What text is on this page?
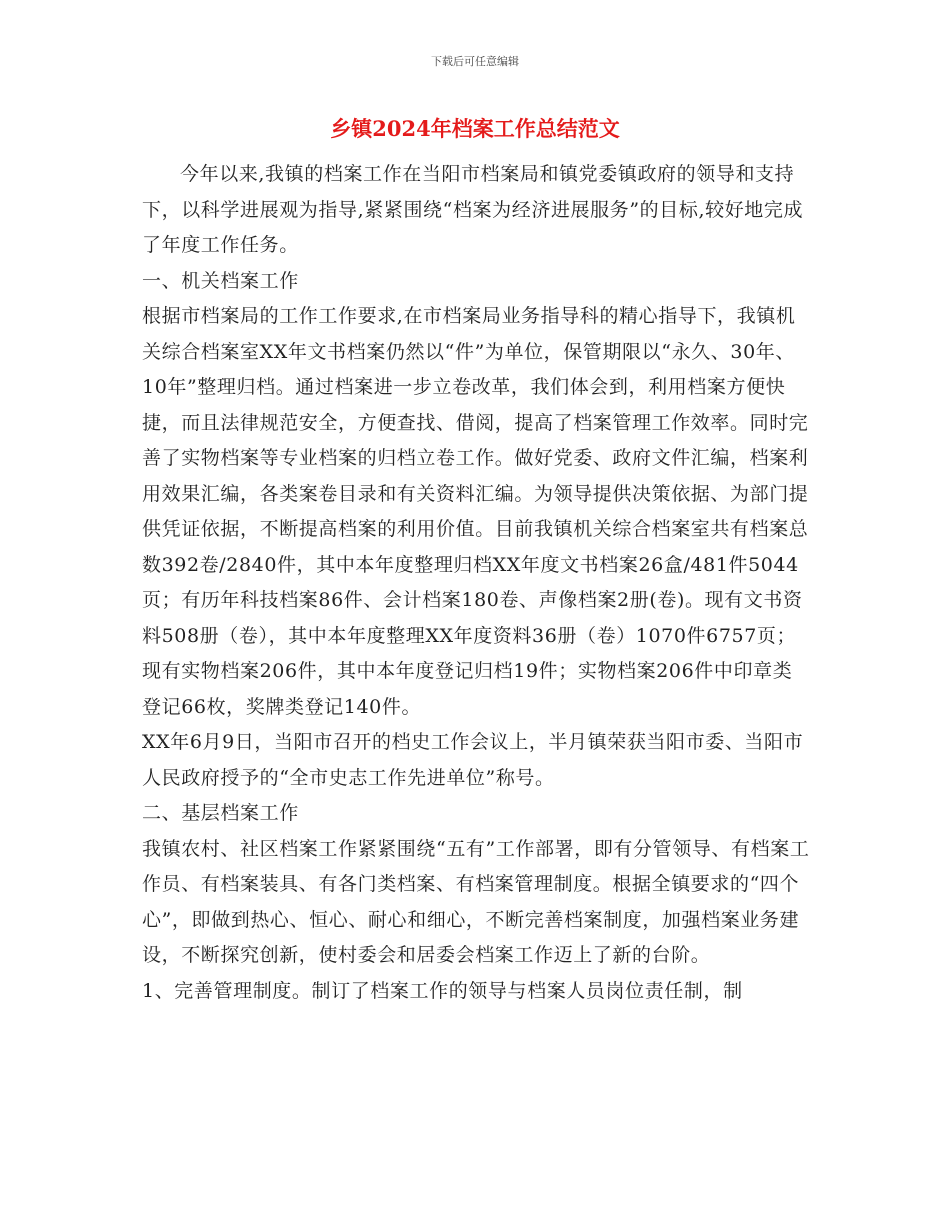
下载后可任意编辑
乡镇2024年档案工作总结范文

今年以来,我镇的档案工作在当阳市档案局和镇党委镇政府的领导和支持下，以科学进展观为指导,紧紧围绕“档案为经济进展服务”的目标,较好地完成了年度工作任务。

一、机关档案工作

根据市档案局的工作工作要求,在市档案局业务指导科的精心指导下，我镇机关综合档案室XX年文书档案仍然以“件”为单位，保管期限以“永久、30年、10年”整理归档。通过档案进一步立卷改革，我们体会到，利用档案方便快捷，而且法律规范安全，方便查找、借阅，提高了档案管理工作效率。同时完善了实物档案等专业档案的归档立卷工作。做好党委、政府文件汇编，档案利用效果汇编，各类案卷目录和有关资料汇编。为领导提供决策依据、为部门提供凭证依据，不断提高档案的利用价值。目前我镇机关综合档案室共有档案总数392卷/2840件，其中本年度整理归档XX年度文书档案26盒/481件5044页；有历年科技档案86件、会计档案180卷、声像档案2册(卷)。现有文书资料508册（卷），其中本年度整理XX年度资料36册（卷）1070件6757页；现有实物档案206件，其中本年度登记归档19件；实物档案206件中印章类登记66枚，奖牌类登记140件。

XX年6月9日，当阳市召开的档史工作会议上，半月镇荣获当阳市委、当阳市人民政府授予的“全市史志工作先进单位”称号。

二、基层档案工作

我镇农村、社区档案工作紧紧围绕“五有”工作部署，即有分管领导、有档案工作员、有档案装具、有各门类档案、有档案管理制度。根据全镇要求的“四个心”，即做到热心、恒心、耐心和细心，不断完善档案制度，加强档案业务建设，不断探究创新，使村委会和居委会档案工作迈上了新的台阶。

1、完善管理制度。制订了档案工作的领导与档案人员岗位责任制，制
